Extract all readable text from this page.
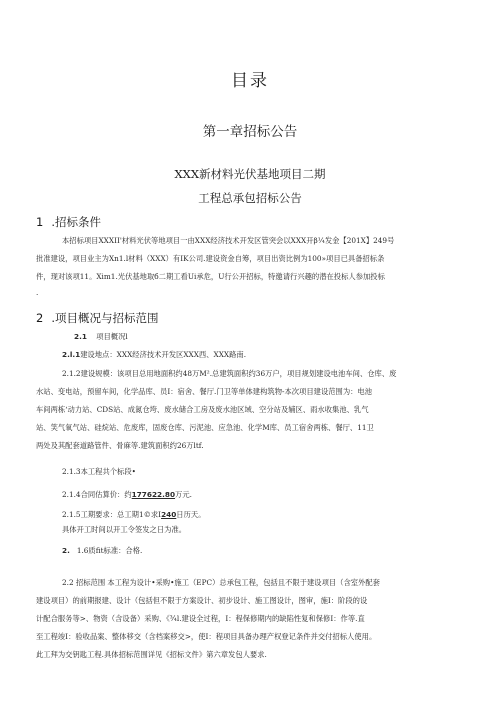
目录
第一章招标公告
XXX新材料光伏基地项目二期
工程总承包招标公告
1 .招标条件
本招标项目XXXII'材料光伏等地项目一由XXX经济技术开发区管突会以XXX开β¼发金【201X】249号
批准建设，项目业主为Xn1.l材料（XXX）有IK公司.建设资金自筹，项目出资比例为100»项目已具备招标条
件，现对该项11。Xim1.光伏基地取б二期工看Ui承危，U行公开招标，特邀请行兴趣的潜在投标人参加投标
.
2 .项目概况与招标范围
2.1 项目概况l
2.l.1建设地点：XXX经济技术开发区XXX西、XXX路南.
2.1.2建设规模：该项目总用地面积约48万M².总建筑面积约36万户，项目规划建设电池车间、仓库、废
水站、变电站，预留车间，化学品库、员I：宿舍、餐厅.门卫等单体建构筑物-本次项目建设范围为：电池
车间两栋‘动力站、CDS站、成氮仓垮、废水储合工房及废水池区域、空分站及辅区、雨水收集池、乳气
站、笑气氧气站、硅烷站、危废库，固废仓库、污泥池、应急池、化学M库、员工宿舍两栋、餐厅、11卫
两处及其配套道路管件、骨麻等.建筑面积约26万ltf.
2.1.3本工程共个标段•
2.1.4合同估算价：约177622.80万元.
2.1.5工期要求：总工期1©求I240日历天。
具体开工时间以开工令签发之日为准。
2. 1.6质fit标准：合格.
2.2 招标范围 本工程为设计•采购•施工（EPC）总承包工程，包括且不限于建设项目（含室外配套
建设项目）的前期报建、设计（包括但不限于方案设计、初步设计、施工图设计，图审，施I：阶段的设
计配合服务等>、物资（含设备）采购、《¾l.建设全过程，I：程保修期内的缺陷性复和保修I：作等.直
至工程竣I：验收品案、整体移交（含档案移交>，使I：程项目具备办理产权登记条件并交付招标人使用。
此工拜为交钥匙工程.具体招标范围详见《招标文件》第六章发包人要求.
